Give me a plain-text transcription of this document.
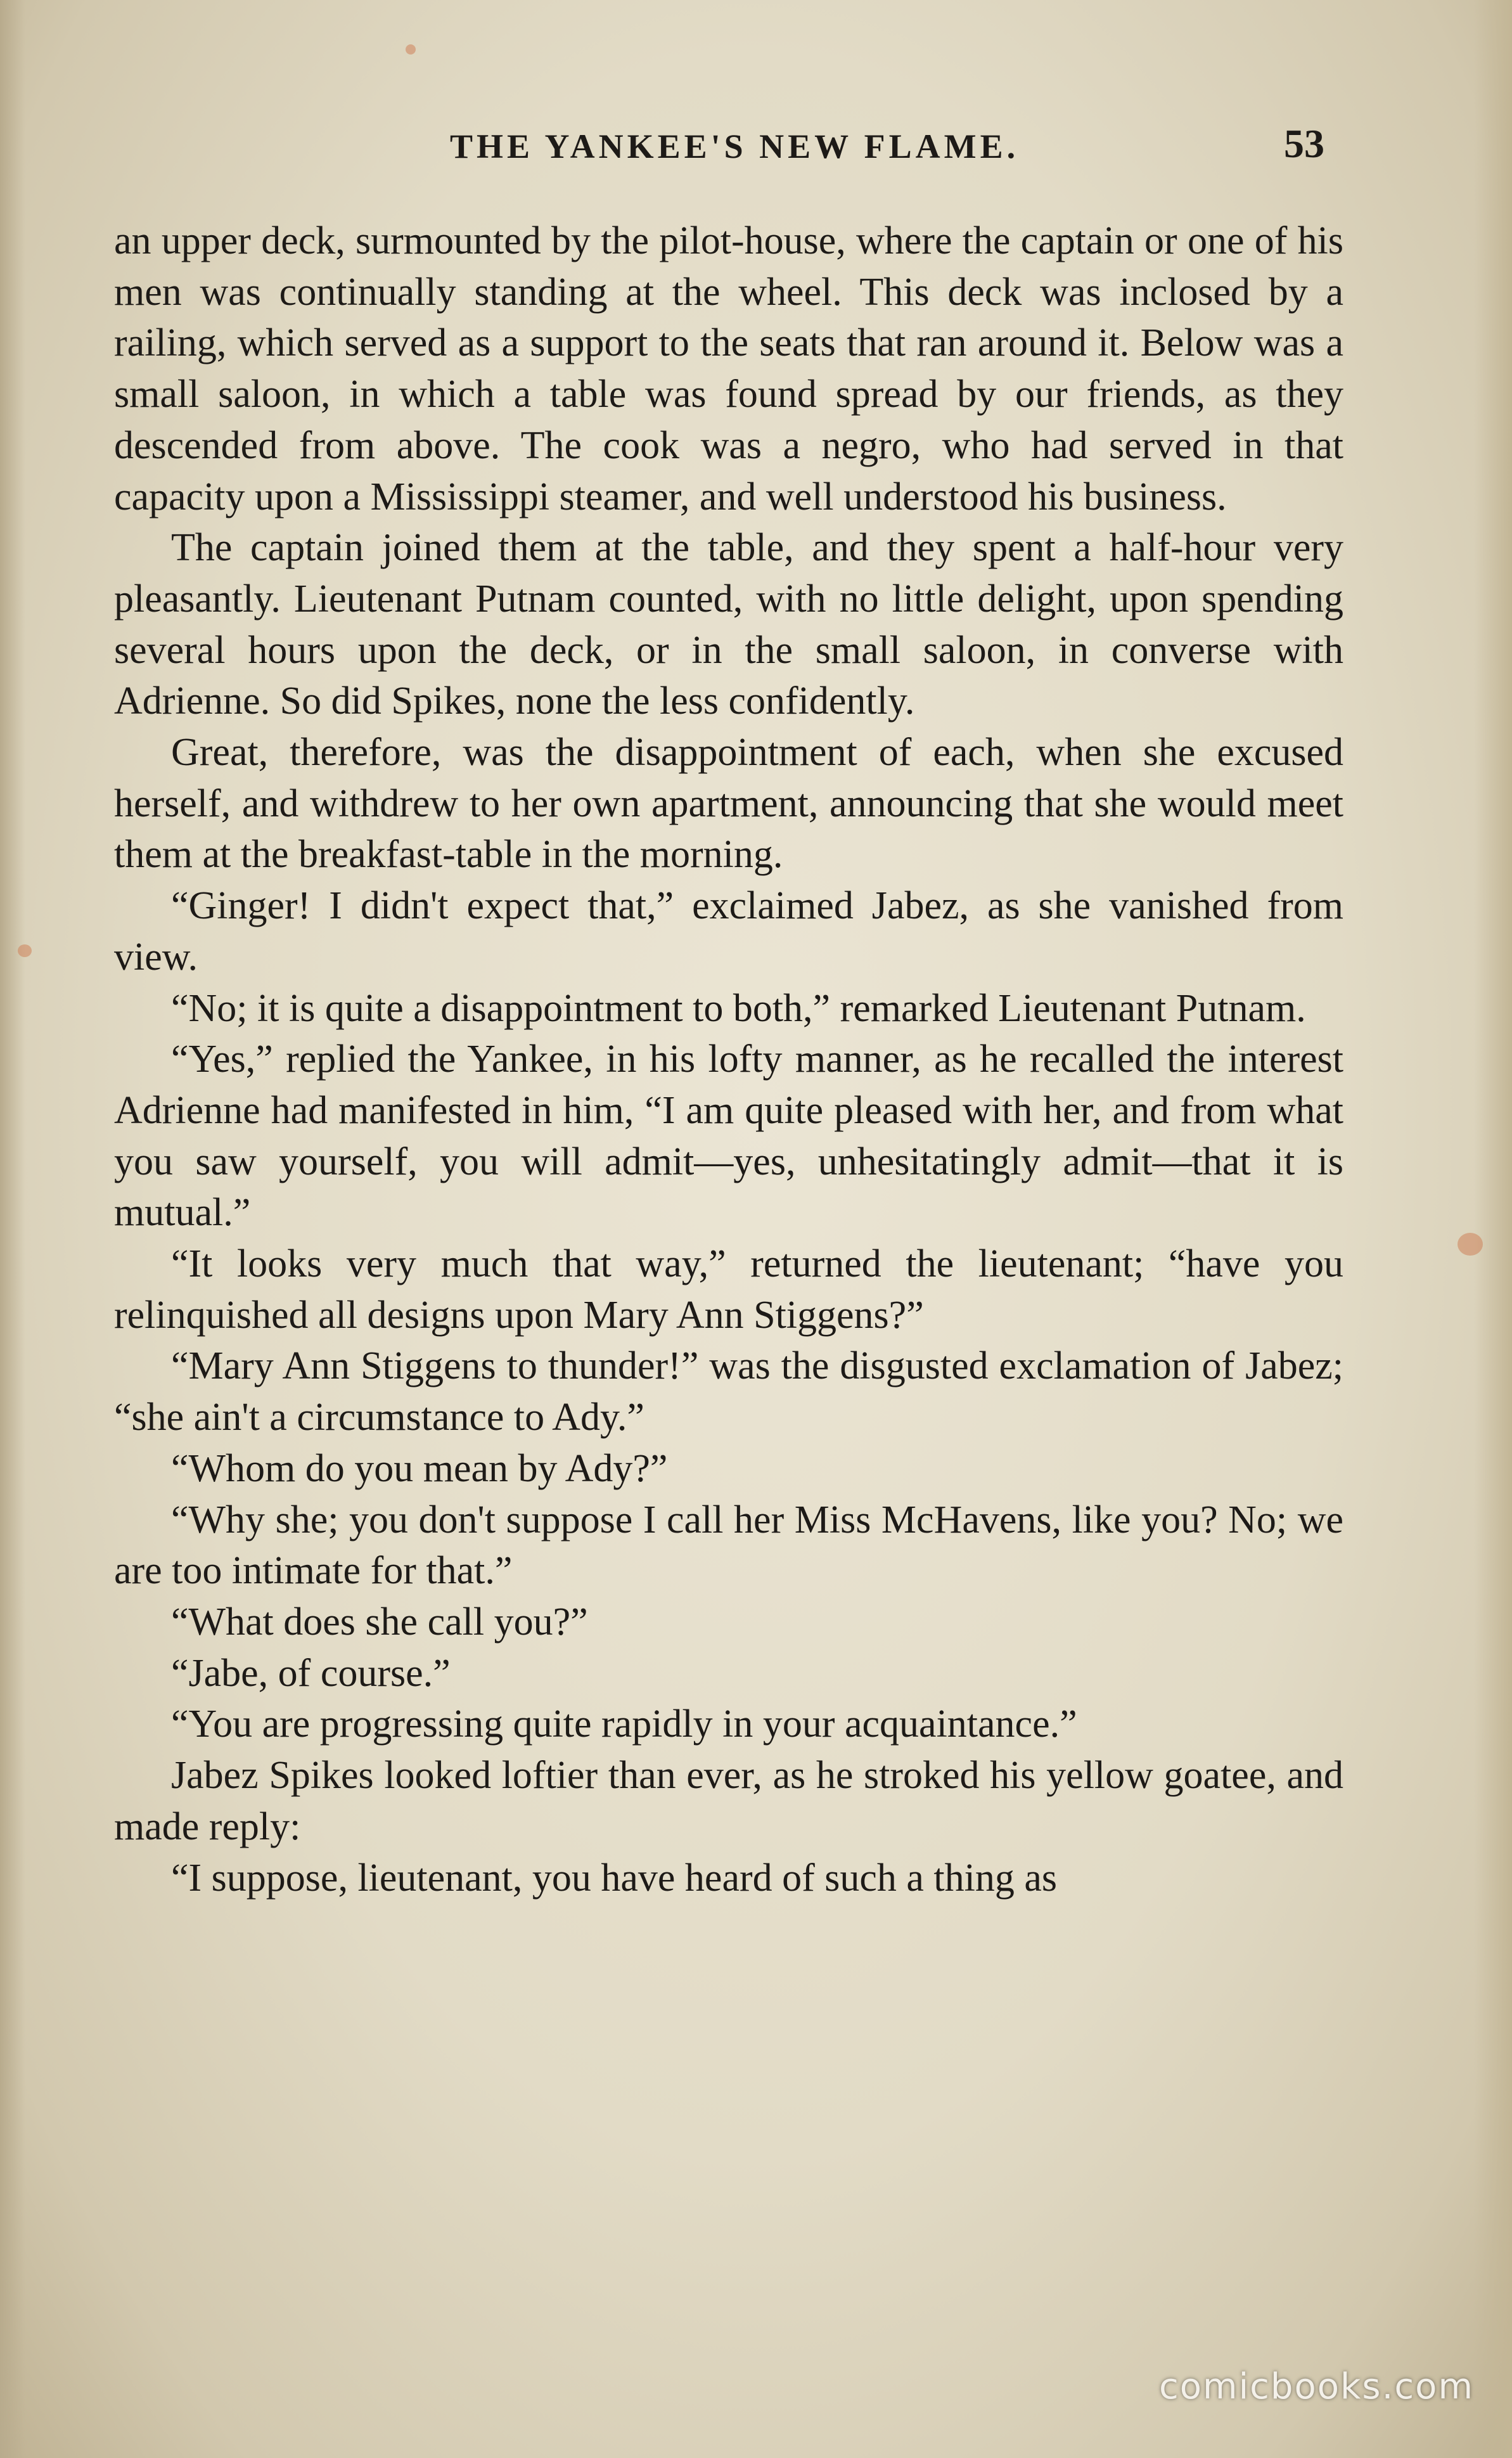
THE YANKEE'S NEW FLAME.	53

an upper deck, surmounted by the pilot-house, where the captain or one of his men was continually standing at the wheel. This deck was inclosed by a railing, which served as a support to the seats that ran around it. Below was a small saloon, in which a table was found spread by our friends, as they descended from above. The cook was a negro, who had served in that capacity upon a Mississippi steamer, and well understood his business.

The captain joined them at the table, and they spent a half-hour very pleasantly. Lieutenant Putnam counted, with no little delight, upon spending several hours upon the deck, or in the small saloon, in converse with Adrienne. So did Spikes, none the less confidently.

Great, therefore, was the disappointment of each, when she excused herself, and withdrew to her own apartment, announcing that she would meet them at the breakfast-table in the morning.

“Ginger! I didn't expect that,” exclaimed Jabez, as she vanished from view.

“No; it is quite a disappointment to both,” remarked Lieutenant Putnam.

“Yes,” replied the Yankee, in his lofty manner, as he recalled the interest Adrienne had manifested in him, “I am quite pleased with her, and from what you saw yourself, you will admit—yes, unhesitatingly admit—that it is mutual.”

“It looks very much that way,” returned the lieutenant; “have you relinquished all designs upon Mary Ann Stiggens?”

“Mary Ann Stiggens to thunder!” was the disgusted exclamation of Jabez; “she ain't a circumstance to Ady.”

“Whom do you mean by Ady?”

“Why she; you don't suppose I call her Miss McHavens, like you? No; we are too intimate for that.”

“What does she call you?”

“Jabe, of course.”

“You are progressing quite rapidly in your acquaintance.”

Jabez Spikes looked loftier than ever, as he stroked his yellow goatee, and made reply:

“I suppose, lieutenant, you have heard of such a thing as

comicbooks.com
